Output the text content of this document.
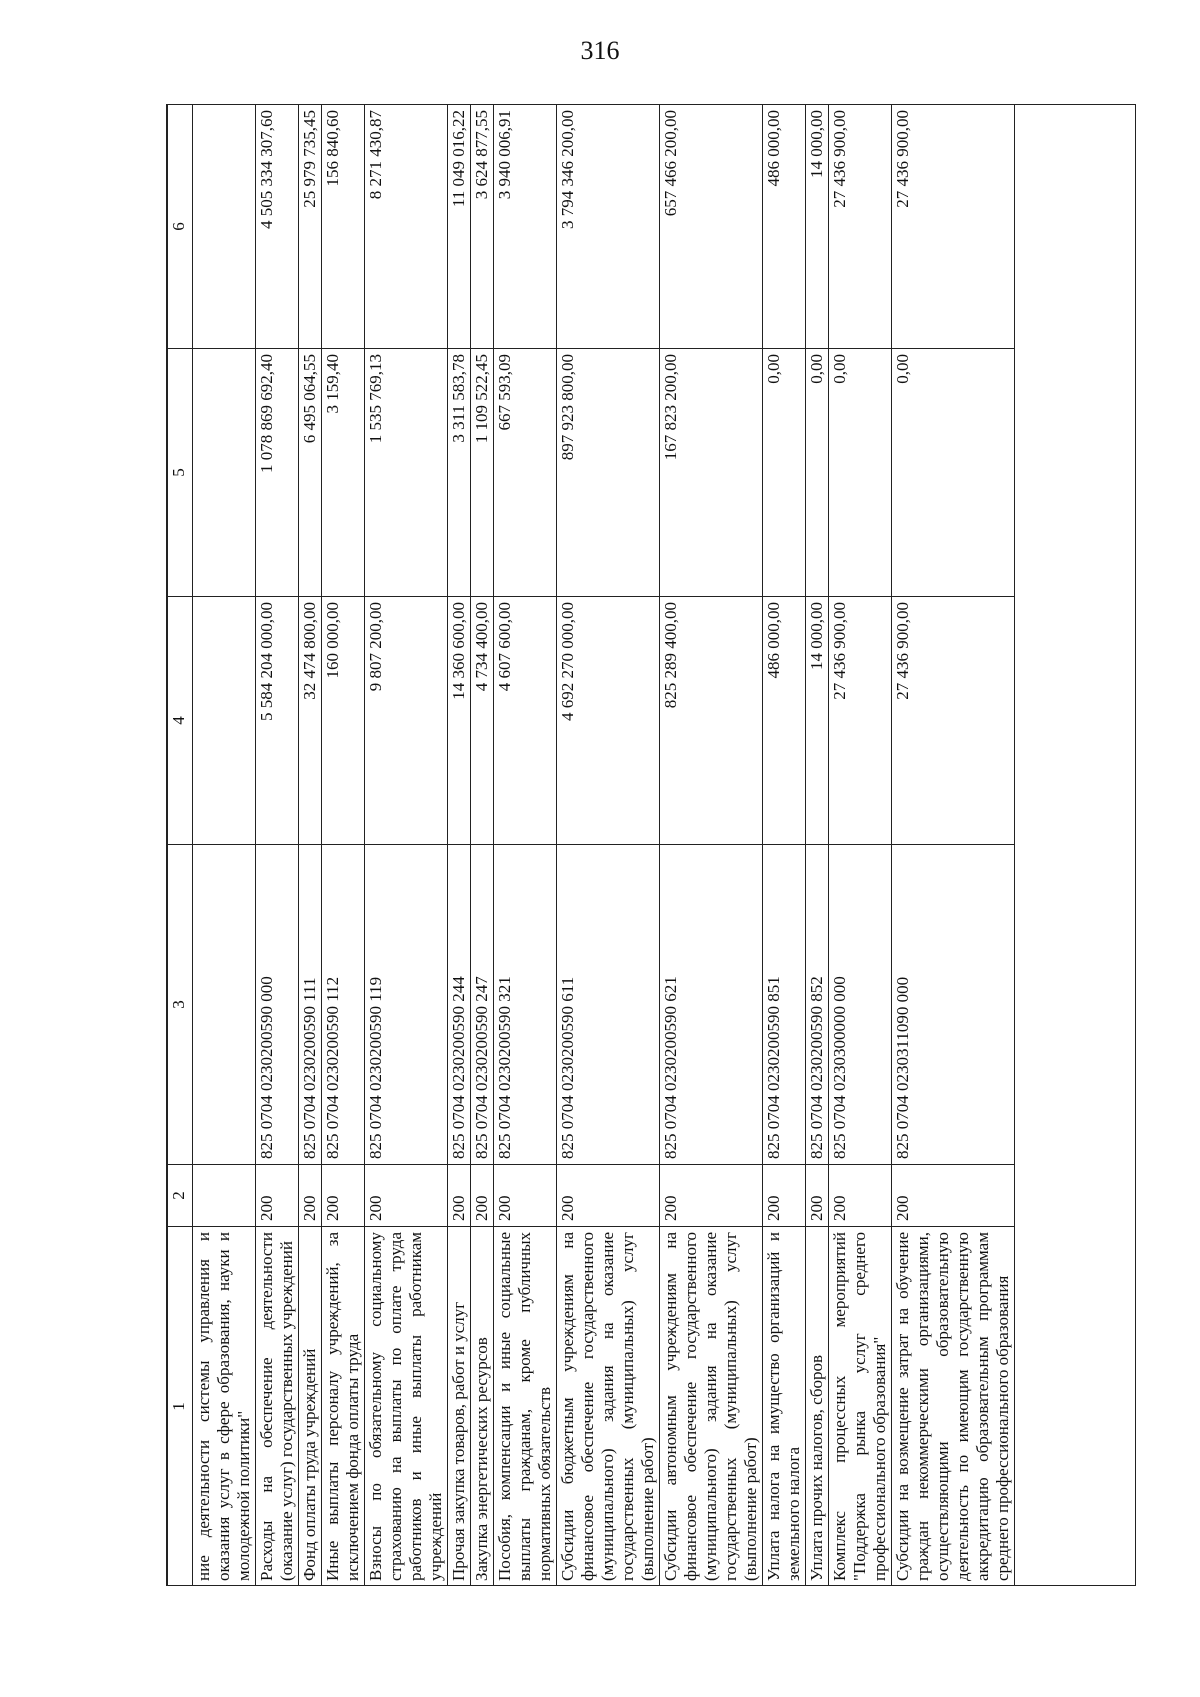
316
1	2	3	4	5	6
ние деятельности системы управления и оказания услуг в сфере образования, науки и молодежной политики"					
Расходы на обеспечение деятельности (оказание услуг) государственных учреждений	200	825 0704 0230200590 000	5 584 204 000,00	1 078 869 692,40	4 505 334 307,60
Фонд оплаты труда учреждений	200	825 0704 0230200590 111	32 474 800,00	6 495 064,55	25 979 735,45
Иные выплаты персоналу учреждений, за исключением фонда оплаты труда	200	825 0704 0230200590 112	160 000,00	3 159,40	156 840,60
Взносы по обязательному социальному страхованию на выплаты по оплате труда работников и иные выплаты работникам учреждений	200	825 0704 0230200590 119	9 807 200,00	1 535 769,13	8 271 430,87
Прочая закупка товаров, работ и услуг	200	825 0704 0230200590 244	14 360 600,00	3 311 583,78	11 049 016,22
Закупка энергетических ресурсов	200	825 0704 0230200590 247	4 734 400,00	1 109 522,45	3 624 877,55
Пособия, компенсации и иные социальные выплаты гражданам, кроме публичных нормативных обязательств	200	825 0704 0230200590 321	4 607 600,00	667 593,09	3 940 006,91
Субсидии бюджетным учреждениям на финансовое обеспечение государственного (муниципального) задания на оказание государственных (муниципальных) услуг (выполнение работ)	200	825 0704 0230200590 611	4 692 270 000,00	897 923 800,00	3 794 346 200,00
Субсидии автономным учреждениям на финансовое обеспечение государственного (муниципального) задания на оказание государственных (муниципальных) услуг (выполнение работ)	200	825 0704 0230200590 621	825 289 400,00	167 823 200,00	657 466 200,00
Уплата налога на имущество организаций и земельного налога	200	825 0704 0230200590 851	486 000,00	0,00	486 000,00
Уплата прочих налогов, сборов	200	825 0704 0230200590 852	14 000,00	0,00	14 000,00
Комплекс процессных мероприятий "Поддержка рынка услуг среднего профессионального образования"	200	825 0704 0230300000 000	27 436 900,00	0,00	27 436 900,00
Субсидии на возмещение затрат на обучение граждан некоммерческими организациями, осуществляющими образовательную деятельность по имеющим государственную аккредитацию образовательным программам среднего профессионального образования	200	825 0704 0230311090 000	27 436 900,00	0,00	27 436 900,00
